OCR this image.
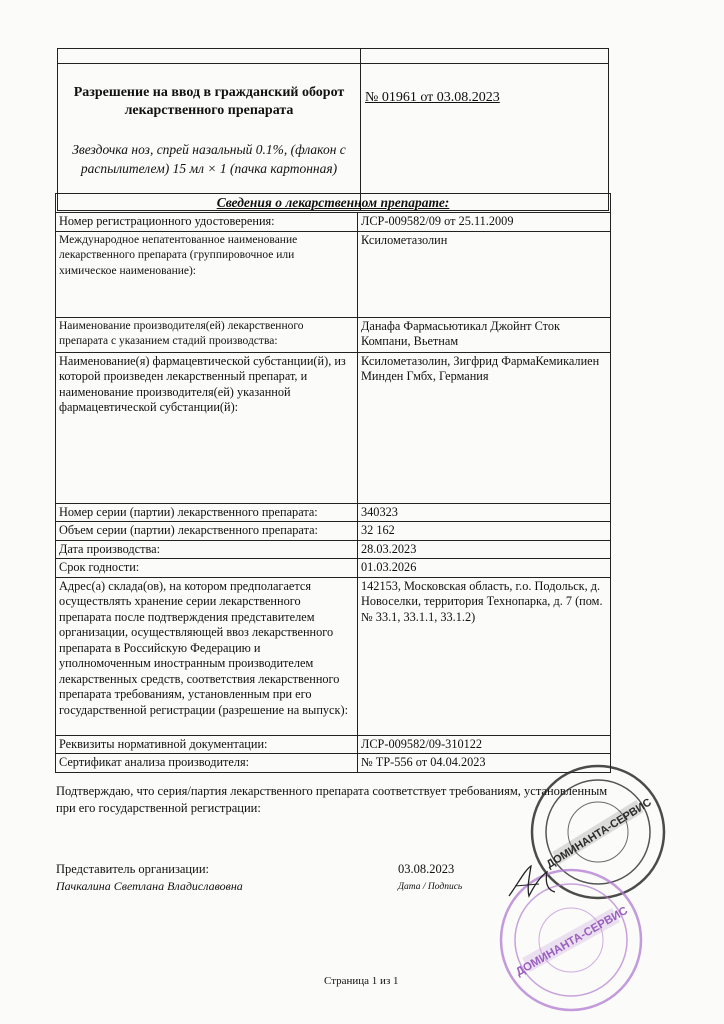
Разрешение на ввод в гражданский оборот лекарственного препарата
Звездочка ноз, спрей назальный 0.1%, (флакон с распылителем) 15 мл × 1 (пачка картонная)	№ 01961 от 03.08.2023
Сведения о лекарственном препарате:	
Номер регистрационного удостоверения:	ЛСР-009582/09 от 25.11.2009
Международное непатентованное наименование лекарственного препарата (группировочное или химическое наименование):	Ксилометазолин
Наименование производителя(ей) лекарственного препарата с указанием стадий производства:	Данафа Фармасьютикал Джойнт Сток Компани, Вьетнам
Наименование(я) фармацевтической субстанции(й), из которой произведен лекарственный препарат, и наименование производителя(ей) указанной фармацевтической субстанции(й):	Ксилометазолин, Зигфрид ФармаКемикалиен Минден Гмбх, Германия
Номер серии (партии) лекарственного препарата:	340323
Объем серии (партии) лекарственного препарата:	32 162
Дата производства:	28.03.2023
Срок годности:	01.03.2026
Адрес(а) склада(ов), на котором предполагается осуществлять хранение серии лекарственного препарата после подтверждения представителем организации, осуществляющей ввоз лекарственного препарата в Российскую Федерацию и уполномоченным иностранным производителем лекарственных средств, соответствия лекарственного препарата требованиям, установленным при его государственной регистрации (разрешение на выпуск):	142153, Московская область, г.о. Подольск, д. Новоселки, территория Технопарка, д. 7 (пом. № 33.1, 33.1.1, 33.1.2)
Реквизиты нормативной документации:	ЛСР-009582/09-310122
Сертификат анализа производителя:	№ ТР-556 от 04.04.2023
Подтверждаю, что серия/партия лекарственного препарата соответствует требованиям, установленным при его государственной регистрации:
Представитель организации:
Пачкалина Светлана Владиславовна
03.08.2023
Дата / Подпись
ДОМИНАНТА-СЕРВИС
ДОМИНАНТА-СЕРВИС
Страница 1 из 1
